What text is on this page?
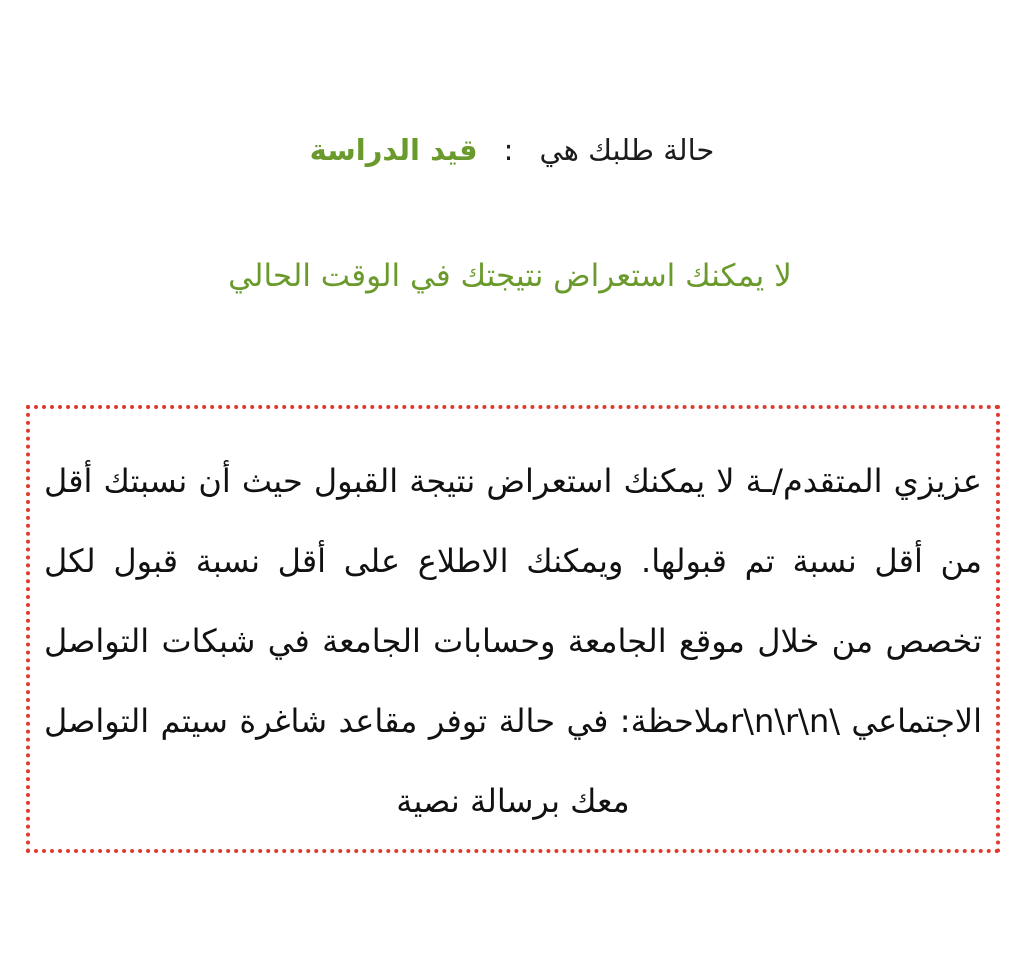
حالة طلبك هي
:
قيد الدراسة
لا يمكنك استعراض نتيجتك في الوقت الحالي

عزيزي المتقدم/ـة لا يمكنك استعراض نتيجة القبول حيث أن نسبتك أقل من أقل نسبة تم قبولها. ويمكنك الاطلاع على أقل نسبة قبول لكل تخصص من خلال موقع الجامعة وحسابات الجامعة في شبكات التواصل الاجتماعي \r\n\r\nملاحظة: في حالة توفر مقاعد شاغرة سيتم التواصل معك برسالة نصية
